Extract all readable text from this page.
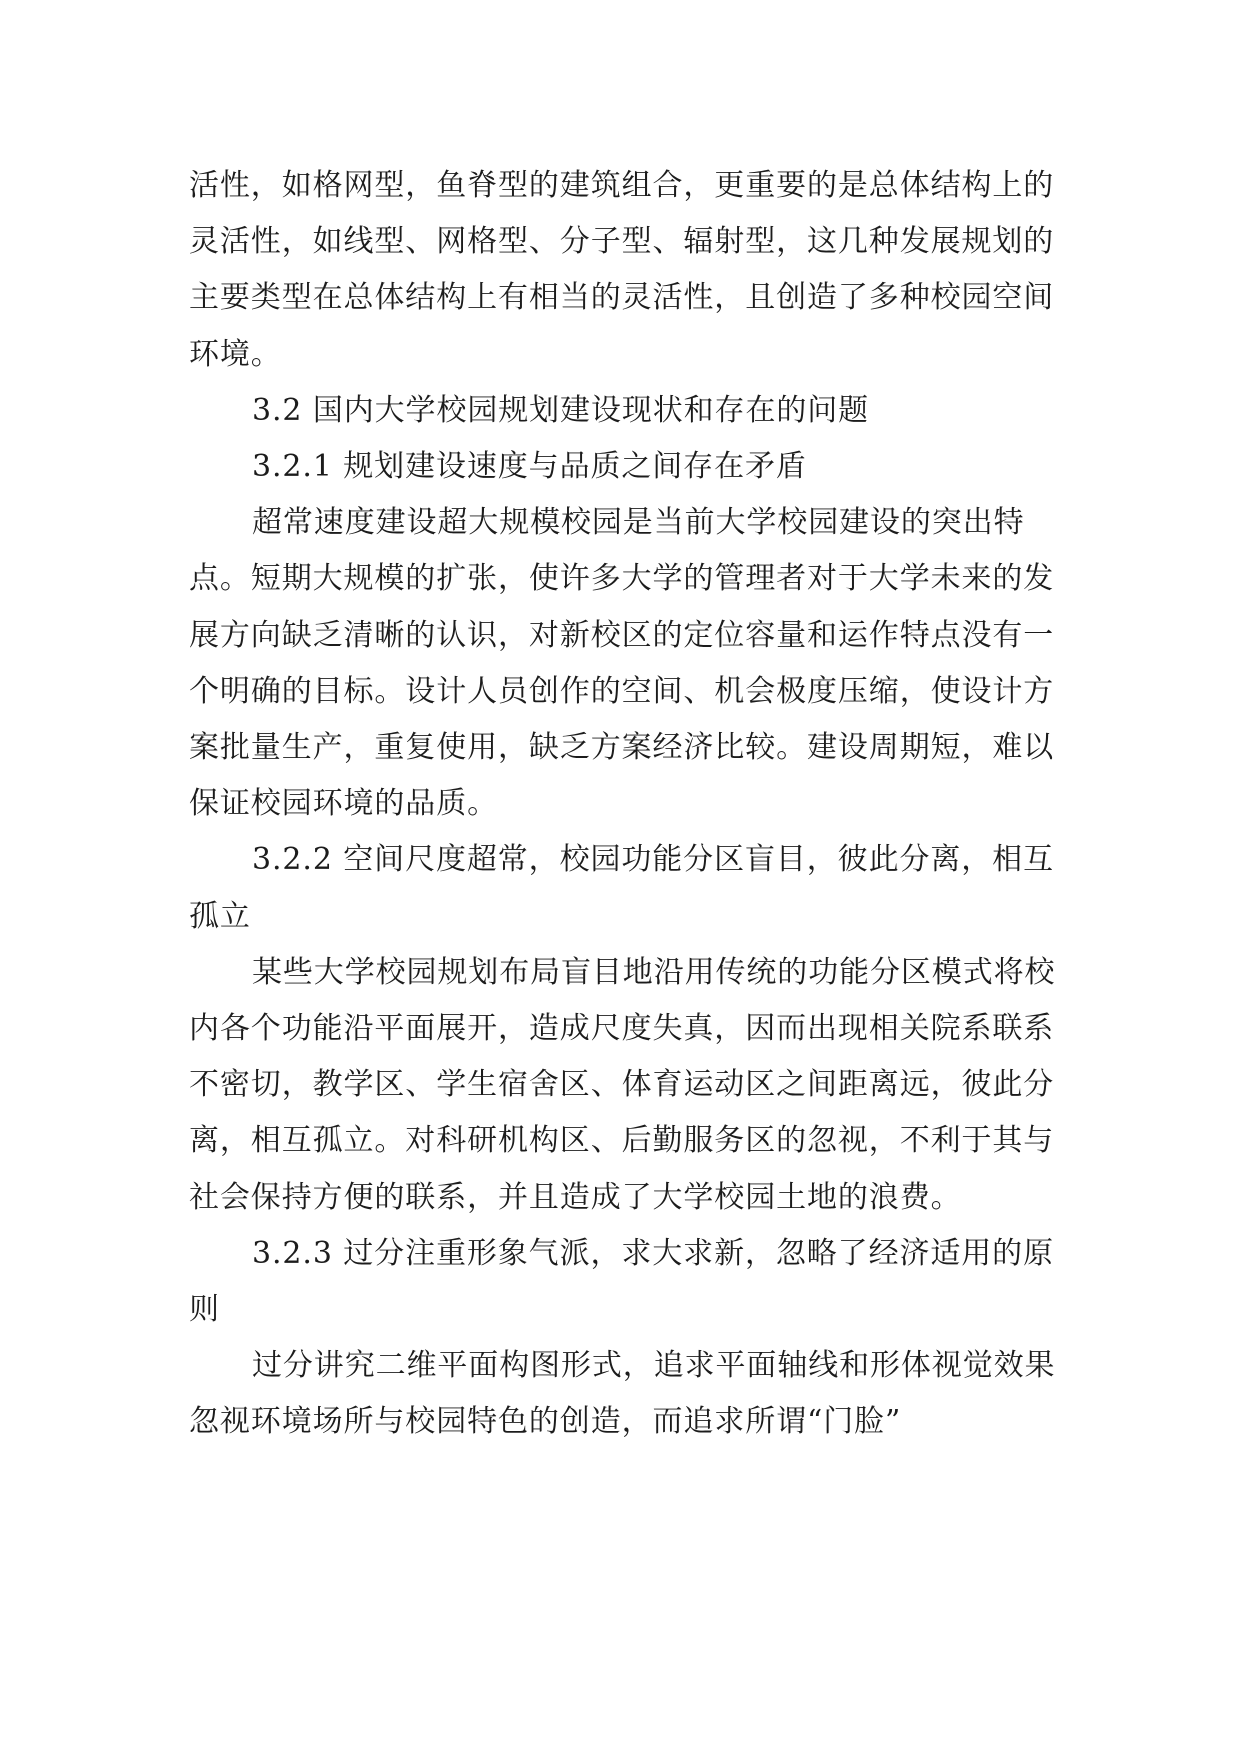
活性，如格网型，鱼脊型的建筑组合，更重要的是总体结构上的灵活性，如线型、网格型、分子型、辐射型，这几种发展规划的主要类型在总体结构上有相当的灵活性，且创造了多种校园空间环境。

3.2 国内大学校园规划建设现状和存在的问题

3.2.1 规划建设速度与品质之间存在矛盾

超常速度建设超大规模校园是当前大学校园建设的突出特点。短期大规模的扩张，使许多大学的管理者对于大学未来的发展方向缺乏清晰的认识，对新校区的定位容量和运作特点没有一个明确的目标。设计人员创作的空间、机会极度压缩，使设计方案批量生产，重复使用，缺乏方案经济比较。建设周期短，难以保证校园环境的品质。

3.2.2 空间尺度超常，校园功能分区盲目，彼此分离，相互孤立

某些大学校园规划布局盲目地沿用传统的功能分区模式将校内各个功能沿平面展开，造成尺度失真，因而出现相关院系联系不密切，教学区、学生宿舍区、体育运动区之间距离远，彼此分离，相互孤立。对科研机构区、后勤服务区的忽视，不利于其与社会保持方便的联系，并且造成了大学校园土地的浪费。

3.2.3 过分注重形象气派，求大求新，忽略了经济适用的原则

过分讲究二维平面构图形式，追求平面轴线和形体视觉效果忽视环境场所与校园特色的创造，而追求所谓“门脸”
